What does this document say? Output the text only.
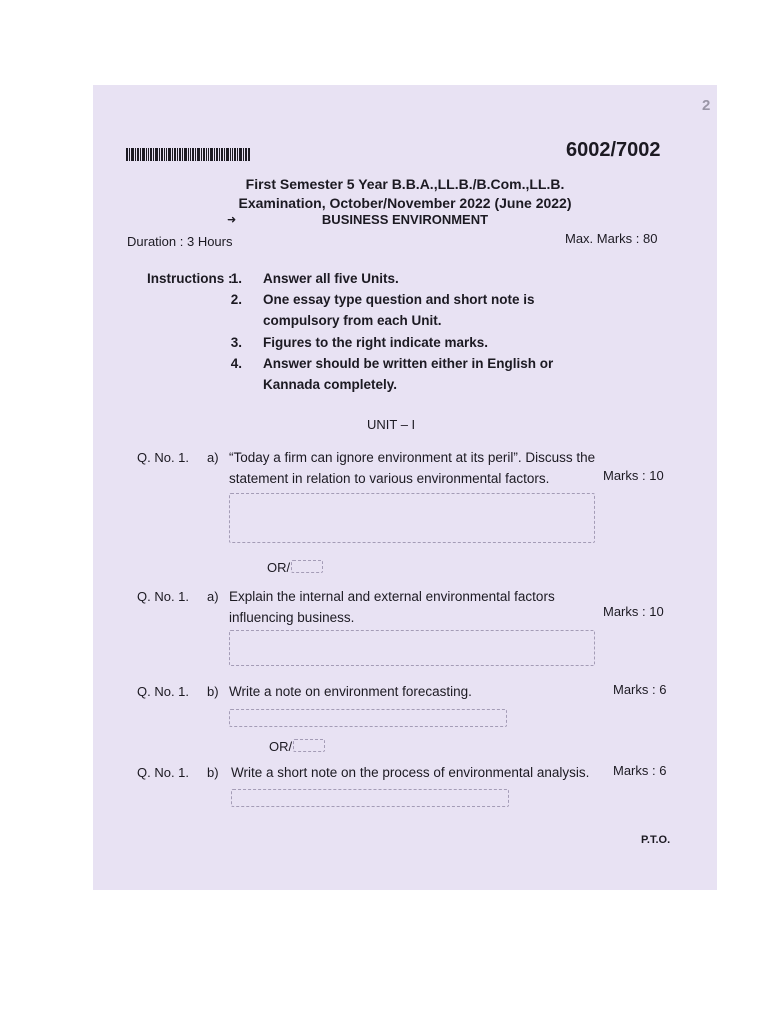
2
6002/7002
First Semester 5 Year B.B.A.,LL.B./B.Com.,LL.B.
Examination, October/November 2022 (June 2022)
➜	BUSINESS ENVIRONMENT
Duration : 3 Hours	Max. Marks : 80
Instructions :
1. Answer all five Units.
2. One essay type question and short note is
compulsory from each Unit.
3. Figures to the right indicate marks.
4. Answer should be written either in English or
Kannada completely.
UNIT – I
Q. No. 1. a) “Today a firm can ignore environment at its peril”. Discuss the statement in relation to various environmental factors.	Marks : 10
OR/
Q. No. 1. a) Explain the internal and external environmental factors influencing business.	Marks : 10
Q. No. 1. b) Write a note on environment forecasting.	Marks : 6
OR/
Q. No. 1. b) Write a short note on the process of environmental analysis.	Marks : 6
P.T.O.
